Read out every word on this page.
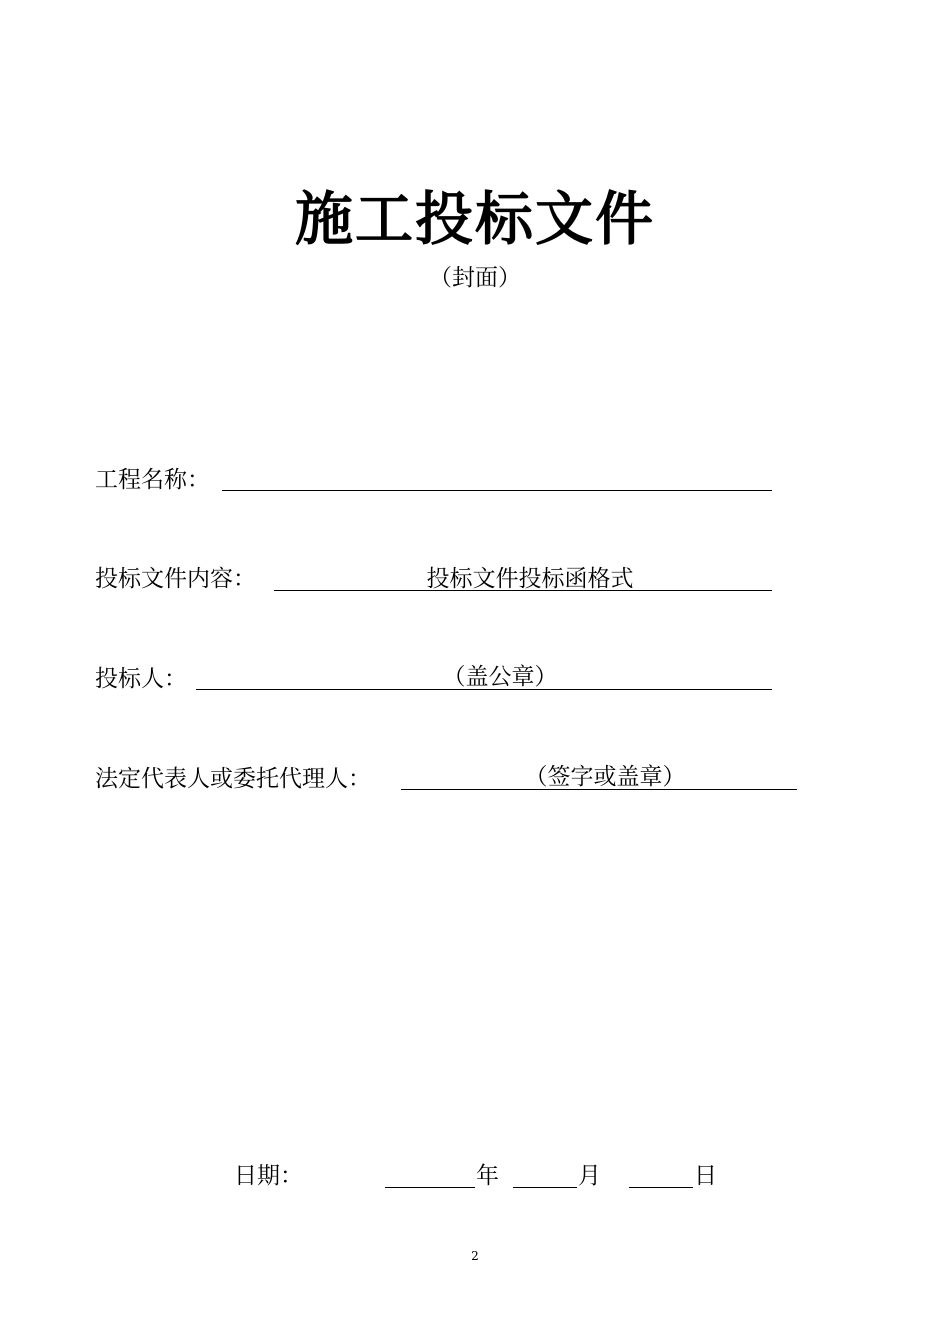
施工投标文件
（封面）
工程名称：
投标文件内容：	投标文件投标函格式
投标人：	（盖公章）
法定代表人或委托代理人：	（签字或盖章）
日期：	年	月	日
2
